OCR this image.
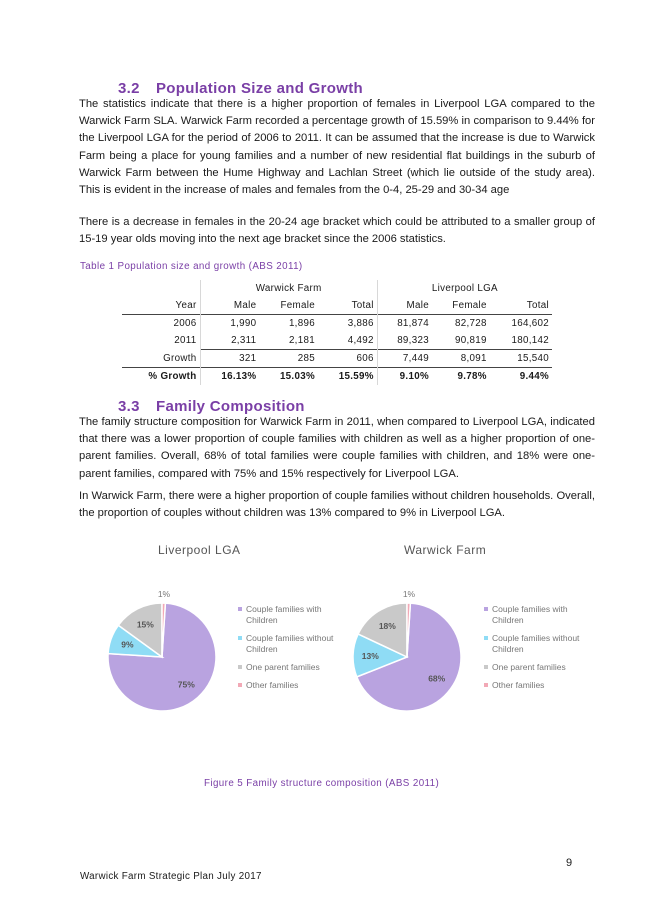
3.2 Population Size and Growth
The statistics indicate that there is a higher proportion of females in Liverpool LGA compared to the Warwick Farm SLA. Warwick Farm recorded a percentage growth of 15.59% in comparison to 9.44% for the Liverpool LGA for the period of 2006 to 2011. It can be assumed that the increase is due to Warwick Farm being a place for young families and a number of new residential flat buildings in the suburb of Warwick Farm between the Hume Highway and Lachlan Street (which lie outside of the study area). This is evident in the increase of males and females from the 0-4, 25-29 and 30-34 age
There is a decrease in females in the 20-24 age bracket which could be attributed to a smaller group of 15-19 year olds moving into the next age bracket since the 2006 statistics.
Table 1 Population size and growth (ABS 2011)
	Warwick Farm			Liverpool LGA		
Year	Male	Female	Total	Male	Female	Total
2006	1,990	1,896	3,886	81,874	82,728	164,602
2011	2,311	2,181	4,492	89,323	90,819	180,142
Growth	321	285	606	7,449	8,091	15,540
% Growth	16.13%	15.03%	15.59%	9.10%	9.78%	9.44%
3.3 Family Composition
The family structure composition for Warwick Farm in 2011, when compared to Liverpool LGA, indicated that there was a lower proportion of couple families with children as well as a higher proportion of one-parent families. Overall, 68% of total families were couple families with children, and 18% were one-parent families, compared with 75% and 15% respectively for Liverpool LGA.
In Warwick Farm, there were a higher proportion of couple families without children households. Overall, the proportion of couples without children was 13% compared to 9% in Liverpool LGA.
Liverpool LGA	Warwick Farm
75%
9%
15%
1%
68%
13%
18%
1%
Couple families with Children
Couple families without Children
One parent families
Other families
Couple families with Children
Couple families without Children
One parent families
Other families
Figure 5 Family structure composition (ABS 2011)
9
Warwick Farm Strategic Plan July 2017
